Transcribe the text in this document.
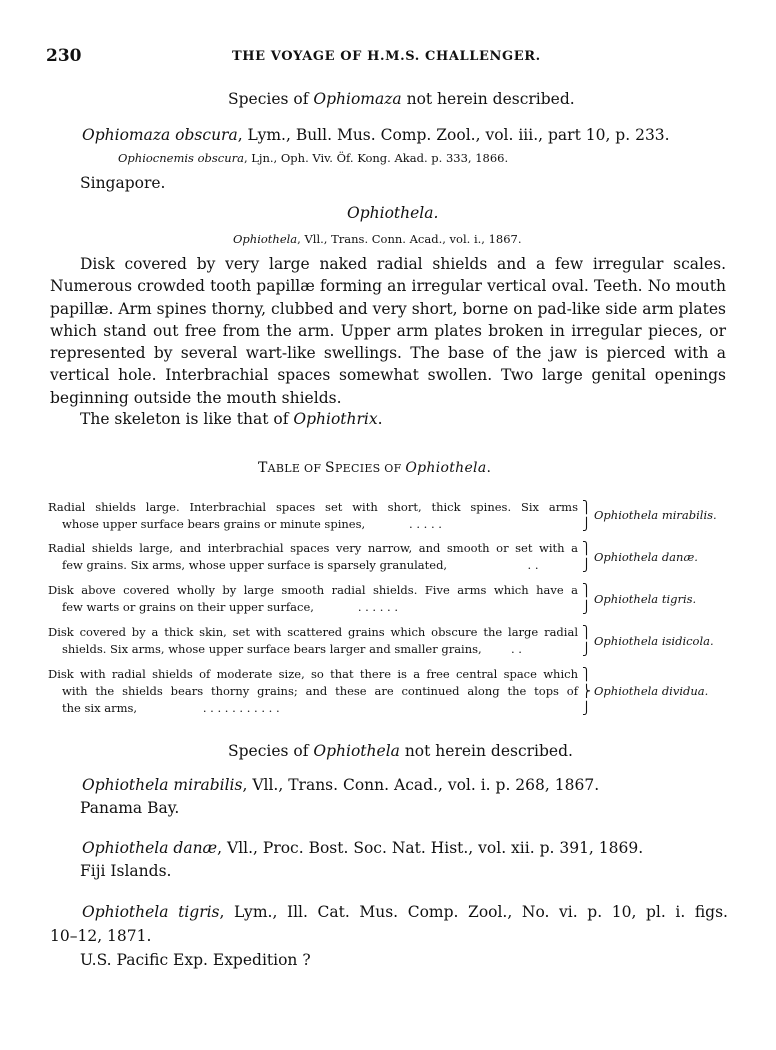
230	THE VOYAGE OF H.M.S. CHALLENGER.
Species of Ophiomaza not herein described.
Ophiomaza obscura, Lym., Bull. Mus. Comp. Zool., vol. iii., part 10, p. 233.
Ophiocnemis obscura, Ljn., Oph. Viv. Öf. Kong. Akad. p. 333, 1866.
Singapore.
Ophiothela.
Ophiothela, Vll., Trans. Conn. Acad., vol. i., 1867.
Disk covered by very large naked radial shields and a few irregular scales. Numerous crowded tooth papillæ forming an irregular vertical oval. Teeth. No mouth papillæ. Arm spines thorny, clubbed and very short, borne on pad-like side arm plates which stand out free from the arm. Upper arm plates broken in irregular pieces, or represented by several wart-like swellings. The base of the jaw is pierced with a vertical hole. Interbrachial spaces somewhat swollen. Two large genital openings beginning outside the mouth shields.
The skeleton is like that of Ophiothrix.
TABLE OF SPECIES OF Ophiothela.
Radial shields large. Interbrachial spaces set with short, thick spines. Six arms
whose upper surface bears grains or minute spines,	. . . . .
⎫
⎭
Ophiothela mirabilis.
Radial shields large, and interbrachial spaces very narrow, and smooth or set with a
few grains. Six arms, whose upper surface is sparsely granulated,	. .
⎫
⎭
Ophiothela danæ.
Disk above covered wholly by large smooth radial shields. Five arms which have a
few warts or grains on their upper surface,	. . . . . .
⎫
⎭
Ophiothela tigris.
Disk covered by a thick skin, set with scattered grains which obscure the large radial
shields. Six arms, whose upper surface bears larger and smaller grains,	. .
⎫
⎭
Ophiothela isidicola.
Disk with radial shields of moderate size, so that there is a free central space which
with the shields bears thorny grains; and these are continued along the tops of
the six arms,	. . . . . . . . . . .
⎫
⎬
⎭
Ophiothela dividua.
Species of Ophiothela not herein described.
Ophiothela mirabilis, Vll., Trans. Conn. Acad., vol. i. p. 268, 1867.
Panama Bay.
Ophiothela danæ, Vll., Proc. Bost. Soc. Nat. Hist., vol. xii. p. 391, 1869.
Fiji Islands.
Ophiothela tigris, Lym., Ill. Cat. Mus. Comp. Zool., No. vi. p. 10, pl. i. figs.
10–12, 1871.
U.S. Pacific Exp. Expedition ?
